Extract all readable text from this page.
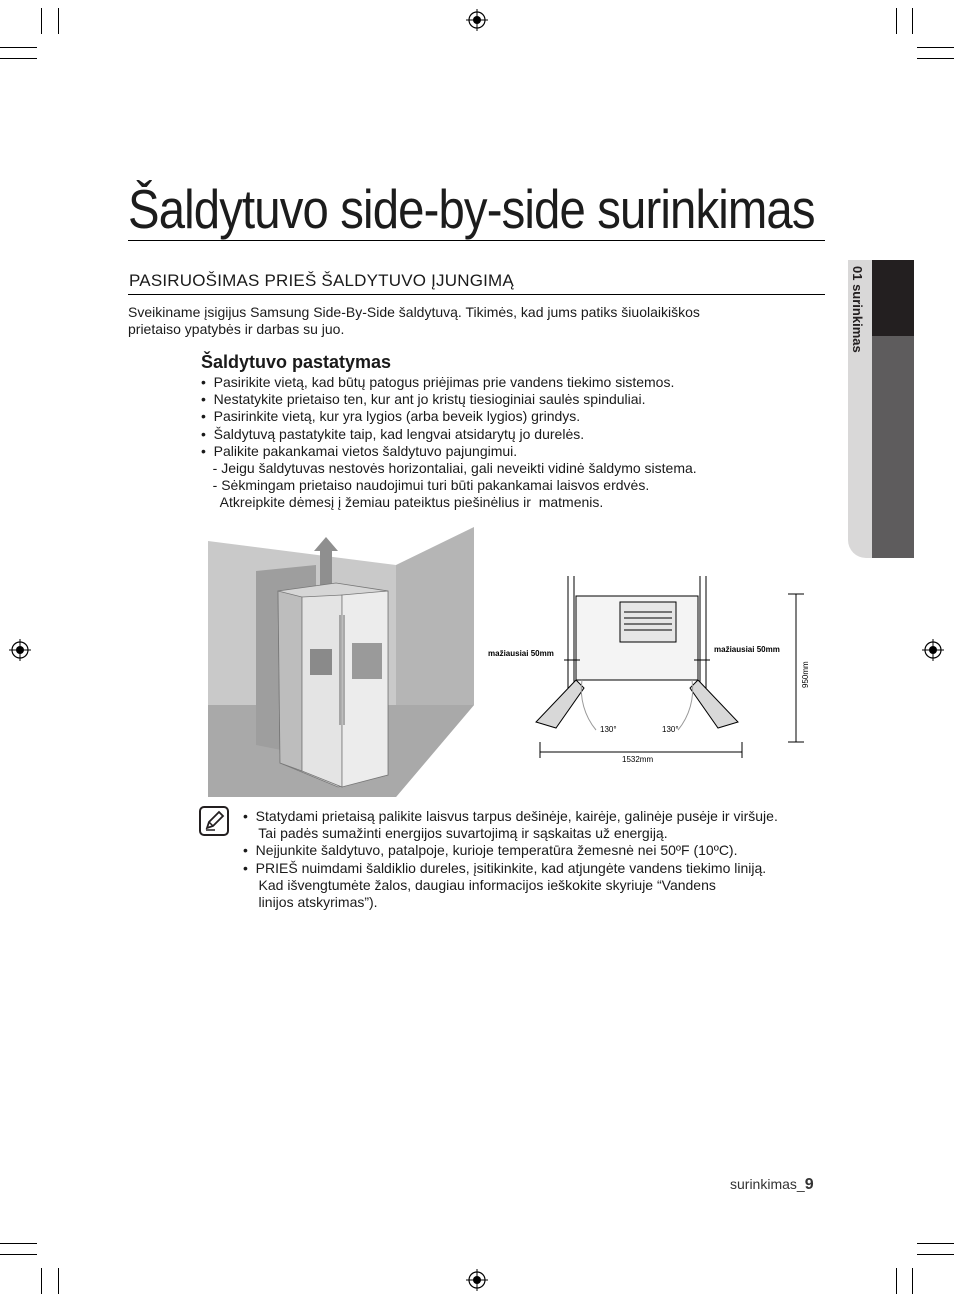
01 surinkimas
Šaldytuvo side-by-side surinkimas
PASIRUOŠIMAS PRIEŠ ŠALDYTUVO ĮJUNGIMĄ
Sveikiname įsigijus Samsung Side-By-Side šaldytuvą. Tikimės, kad jums patiks šiuolaikiškos
prietaiso ypatybės ir darbas su juo.
Šaldytuvo pastatymas
•  Pasirikite vietą, kad būtų patogus priėjimas prie vandens tiekimo sistemos.
•  Nestatykite prietaiso ten, kur ant jo kristų tiesioginiai saulės spinduliai.
•  Pasirinkite vietą, kur yra lygios (arba beveik lygios) grindys.
•  Šaldytuvą pastatykite taip, kad lengvai atsidarytų jo durelės.
•  Palikite pakankamai vietos šaldytuvo pajungimui.
- Jeigu šaldytuvas nestovės horizontaliai, gali neveikti vidinė šaldymo sistema.
- Sėkmingam prietaiso naudojimui turi būti pakankamai laisvos erdvės.
Atkreipkite dėmesį į žemiau pateiktus piešinėlius ir  matmenis.
mažiausiai 50mm	mažiausiai 50mm
130°	130°
1532mm
950mm
•  Statydami prietaisą palikite laisvus tarpus dešinėje, kairėje, galinėje pusėje ir viršuje.
Tai padės sumažinti energijos suvartojimą ir sąskaitas už energiją.
•  Neįjunkite šaldytuvo, patalpoje, kurioje temperatūra žemesnė nei 50ºF (10ºC).
•  PRIEŠ nuimdami šaldiklio dureles, įsitikinkite, kad atjungėte vandens tiekimo liniją.
Kad išvengtumėte žalos, daugiau informacijos ieškokite skyriuje “Vandens
linijos atskyrimas”).
surinkimas_9
